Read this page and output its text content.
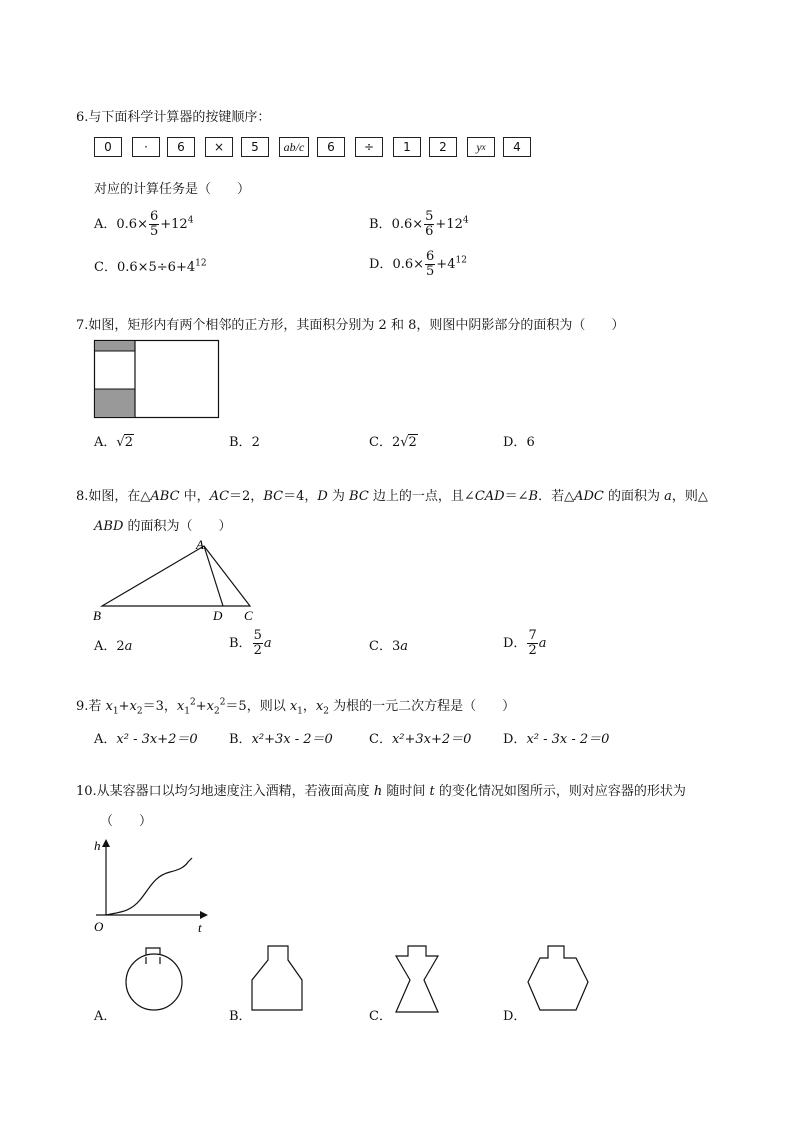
6.与下面科学计算器的按键顺序：
0	·	6	×	5	ab/c	6	÷	1	2	y x	4
对应的计算任务是（　　）
A．$0.6\times \frac{6}{5} +12^4$	B．$0.6\times \frac{5}{6} +12^4$
C．$0.6\times 5\div 6+4^{12}$	D．$0.6\times \frac{6}{5} +4^{12}$
7.如图，矩形内有两个相邻的正方形，其面积分别为 2 和 8，则图中阴影部分的面积为（　　）
A．√2	B．2	C．2√2	D．6
8.如图，在△ABC 中，AC＝2，BC＝4，D 为 BC 边上的一点，且∠CAD＝∠B．若△ADC 的面积为 a，则△
ABD 的面积为（　　）
A
B	D C
A．2a	B． $\frac{5}{2}$ a	C．3a	D． $\frac{7}{2}$ a
9.若 $x_1+x_2=3$，$x_1^2+x_2^2=5$，则以 $x_1$，$x_2$ 为根的一元二次方程是（　　）
A．x² ‑ 3x+2＝0 B．x²+3x ‑ 2＝0	C．x²+3x+2＝0 D．x² ‑ 3x ‑ 2＝0
10.从某容器口以均匀地速度注入酒精，若液面高度 h 随时间 t 的变化情况如图所示，则对应容器的形状为
（　　）
h
t
O
A．	B．	C．	D．
